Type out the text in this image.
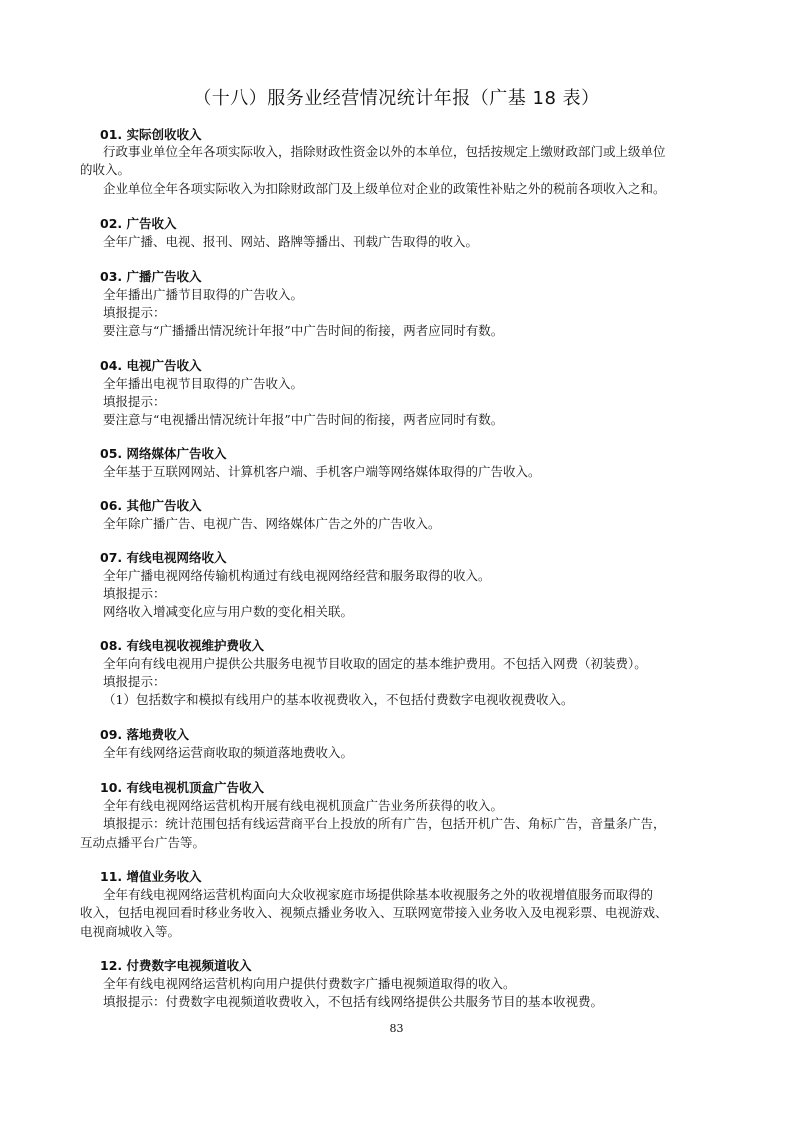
（十八）服务业经营情况统计年报（广基 18 表）
01. 实际创收收入
行政事业单位全年各项实际收入，指除财政性资金以外的本单位，包括按规定上缴财政部门或上级单位
的收入。
企业单位全年各项实际收入为扣除财政部门及上级单位对企业的政策性补贴之外的税前各项收入之和。
02. 广告收入
全年广播、电视、报刊、网站、路牌等播出、刊载广告取得的收入。
03. 广播广告收入
全年播出广播节目取得的广告收入。
填报提示：
要注意与“广播播出情况统计年报”中广告时间的衔接，两者应同时有数。
04. 电视广告收入
全年播出电视节目取得的广告收入。
填报提示：
要注意与“电视播出情况统计年报”中广告时间的衔接，两者应同时有数。
05. 网络媒体广告收入
全年基于互联网网站、计算机客户端、手机客户端等网络媒体取得的广告收入。
06. 其他广告收入
全年除广播广告、电视广告、网络媒体广告之外的广告收入。
07. 有线电视网络收入
全年广播电视网络传输机构通过有线电视网络经营和服务取得的收入。
填报提示：
网络收入增减变化应与用户数的变化相关联。
08. 有线电视收视维护费收入
全年向有线电视用户提供公共服务电视节目收取的固定的基本维护费用。不包括入网费（初装费）。
填报提示：
（1）包括数字和模拟有线用户的基本收视费收入，不包括付费数字电视收视费收入。
09. 落地费收入
全年有线网络运营商收取的频道落地费收入。
10. 有线电视机顶盒广告收入
全年有线电视网络运营机构开展有线电视机顶盒广告业务所获得的收入。
填报提示：统计范围包括有线运营商平台上投放的所有广告，包括开机广告、角标广告，音量条广告，
互动点播平台广告等。
11. 增值业务收入
全年有线电视网络运营机构面向大众收视家庭市场提供除基本收视服务之外的收视增值服务而取得的
收入，包括电视回看时移业务收入、视频点播业务收入、互联网宽带接入业务收入及电视彩票、电视游戏、
电视商城收入等。
12. 付费数字电视频道收入
全年有线电视网络运营机构向用户提供付费数字广播电视频道取得的收入。
填报提示：付费数字电视频道收费收入，不包括有线网络提供公共服务节目的基本收视费。
83
